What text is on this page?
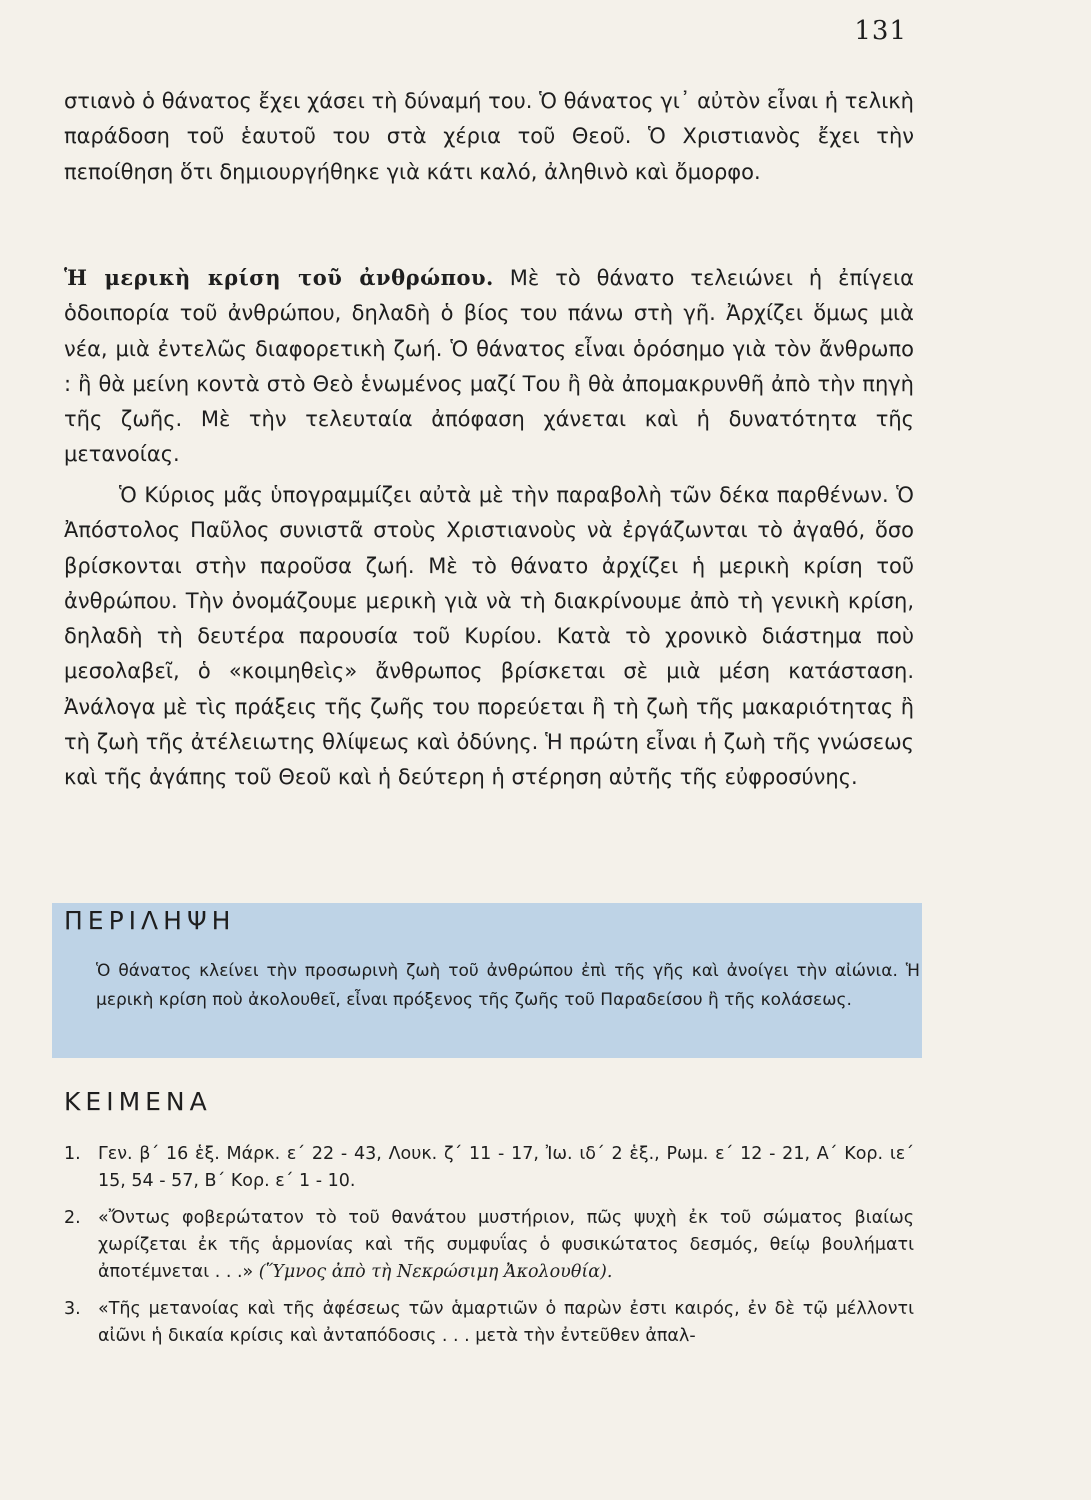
131

στιανὸ ὁ θάνατος ἔχει χάσει τὴ δύναμή του. Ὁ θάνατος γι᾽ αὐτὸν εἶναι ἡ τελικὴ παράδοση τοῦ ἑαυτοῦ του στὰ χέρια τοῦ Θεοῦ. Ὁ Χριστιανὸς ἔχει τὴν πεποίθηση ὅτι δημιουργήθηκε γιὰ κάτι καλό, ἀληθινὸ καὶ ὄμορφο.

Ἡ μερικὴ κρίση τοῦ ἀνθρώπου. Μὲ τὸ θάνατο τελειώνει ἡ ἐπίγεια ὁδοιπορία τοῦ ἀνθρώπου, δηλαδὴ ὁ βίος του πάνω στὴ γῆ. Ἀρχίζει ὅμως μιὰ νέα, μιὰ ἐντελῶς διαφορετικὴ ζωή. Ὁ θάνατος εἶναι ὁρόσημο γιὰ τὸν ἄνθρωπο : ἢ θὰ μείνη κοντὰ στὸ Θεὸ ἑνωμένος μαζί Του ἢ θὰ ἀπομακρυνθῆ ἀπὸ τὴν πηγὴ τῆς ζωῆς. Μὲ τὴν τελευταία ἀπόφαση χάνεται καὶ ἡ δυνατότητα τῆς μετανοίας.

Ὁ Κύριος μᾶς ὑπογραμμίζει αὐτὰ μὲ τὴν παραβολὴ τῶν δέκα παρθένων. Ὁ Ἀπόστολος Παῦλος συνιστᾶ στοὺς Χριστιανοὺς νὰ ἐργάζωνται τὸ ἀγαθό, ὅσο βρίσκονται στὴν παροῦσα ζωή. Μὲ τὸ θάνατο ἀρχίζει ἡ μερικὴ κρίση τοῦ ἀνθρώπου. Τὴν ὀνομάζουμε μερικὴ γιὰ νὰ τὴ διακρίνουμε ἀπὸ τὴ γενικὴ κρίση, δηλαδὴ τὴ δευτέρα παρουσία τοῦ Κυρίου. Κατὰ τὸ χρονικὸ διάστημα ποὺ μεσολαβεῖ, ὁ «κοιμηθεὶς» ἄνθρωπος βρίσκεται σὲ μιὰ μέση κατάσταση. Ἀνάλογα μὲ τὶς πράξεις τῆς ζωῆς του πορεύεται ἢ τὴ ζωὴ τῆς μακαριότητας ἢ τὴ ζωὴ τῆς ἀτέλειωτης θλίψεως καὶ ὀδύνης. Ἡ πρώτη εἶναι ἡ ζωὴ τῆς γνώσεως καὶ τῆς ἀγάπης τοῦ Θεοῦ καὶ ἡ δεύτερη ἡ στέρηση αὐτῆς τῆς εὐφροσύνης.

ΠΕΡΙΛΗΨΗ
Ὁ θάνατος κλείνει τὴν προσωρινὴ ζωὴ τοῦ ἀνθρώπου ἐπὶ τῆς γῆς καὶ ἀνοίγει τὴν αἰώνια. Ἡ μερικὴ κρίση ποὺ ἀκολουθεῖ, εἶναι πρόξενος τῆς ζωῆς τοῦ Παραδείσου ἢ τῆς κολάσεως.
ΚΕΙΜΕΝΑ
1. Γεν. β΄ 16 ἑξ. Μάρκ. ε΄ 22 - 43, Λουκ. ζ΄ 11 - 17, Ἰω. ιδ΄ 2 ἑξ., Ρωμ. ε΄ 12 - 21, Α΄ Κορ. ιε΄ 15, 54 - 57, Β΄ Κορ. ε΄ 1 - 10.
2. «Ὄντως φοβερώτατον τὸ τοῦ θανάτου μυστήριον, πῶς ψυχὴ ἐκ τοῦ σώματος βιαίως χωρίζεται ἐκ τῆς ἁρμονίας καὶ τῆς συμφυΐας ὁ φυσικώτατος δεσμός, θείῳ βουλήματι ἀποτέμνεται . . .» (Ὕμνος ἀπὸ τὴ Νεκρώσιμη Ἀκολουθία).
3. «Τῆς μετανοίας καὶ τῆς ἀφέσεως τῶν ἁμαρτιῶν ὁ παρὼν ἐστι καιρός, ἐν δὲ τῷ μέλλοντι αἰῶνι ἡ δικαία κρίσις καὶ ἀνταπόδοσις . . . μετὰ τὴν ἐντεῦθεν ἀπαλ-
